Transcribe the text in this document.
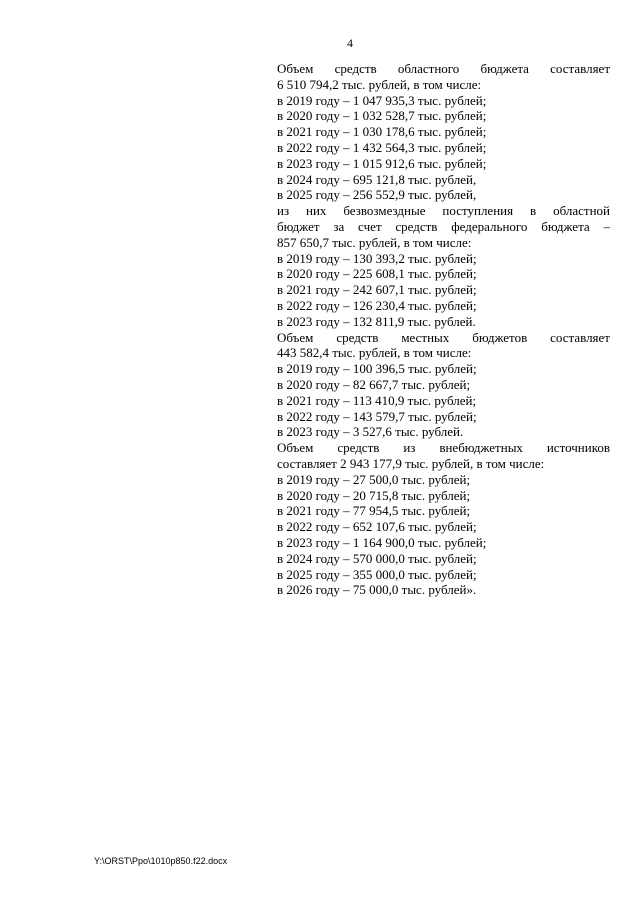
4
Объем средств областного бюджета составляет
6 510 794,2 тыс. рублей, в том числе:
в 2019 году – 1 047 935,3 тыс. рублей;
в 2020 году – 1 032 528,7 тыс. рублей;
в 2021 году – 1 030 178,6 тыс. рублей;
в 2022 году – 1 432 564,3 тыс. рублей;
в 2023 году – 1 015 912,6 тыс. рублей;
в 2024 году – 695 121,8 тыс. рублей,
в 2025 году – 256 552,9 тыс. рублей,
из них безвозмездные поступления в областной
бюджет за счет средств федерального бюджета –
857 650,7 тыс. рублей, в том числе:
в 2019 году – 130 393,2 тыс. рублей;
в 2020 году – 225 608,1 тыс. рублей;
в 2021 году – 242 607,1 тыс. рублей;
в 2022 году – 126 230,4 тыс. рублей;
в 2023 году – 132 811,9 тыс. рублей.
Объем средств местных бюджетов составляет
443 582,4 тыс. рублей, в том числе:
в 2019 году – 100 396,5 тыс. рублей;
в 2020 году – 82 667,7 тыс. рублей;
в 2021 году – 113 410,9 тыс. рублей;
в 2022 году – 143 579,7 тыс. рублей;
в 2023 году – 3 527,6 тыс. рублей.
Объем средств из внебюджетных источников
составляет 2 943 177,9 тыс. рублей, в том числе:
в 2019 году – 27 500,0 тыс. рублей;
в 2020 году – 20 715,8 тыс. рублей;
в 2021 году – 77 954,5 тыс. рублей;
в 2022 году – 652 107,6 тыс. рублей;
в 2023 году – 1 164 900,0 тыс. рублей;
в 2024 году – 570 000,0 тыс. рублей;
в 2025 году – 355 000,0 тыс. рублей;
в 2026 году – 75 000,0 тыс. рублей».
Y:\ORST\Ppo\1010p850.f22.docx
